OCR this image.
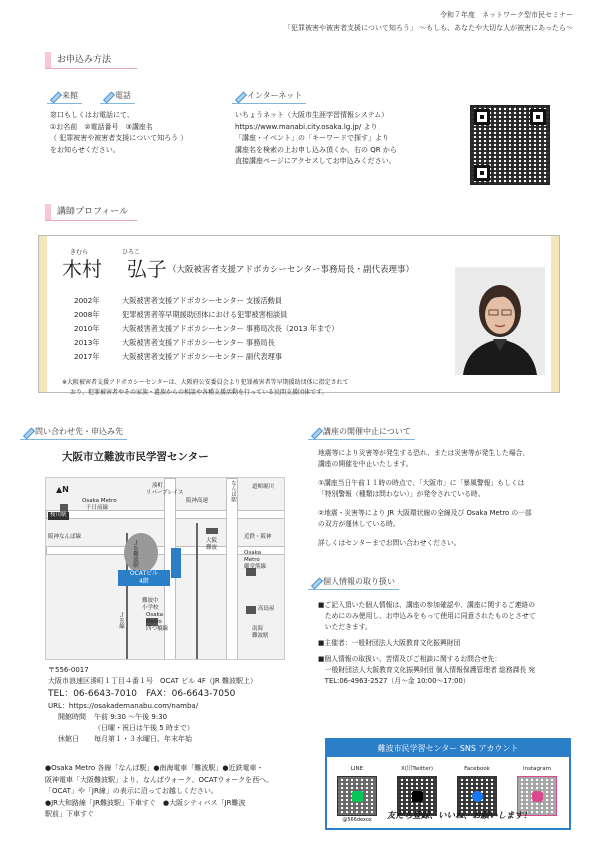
令和７年度　ネットワーク型市民セミナー
「犯罪被害や被害者支援について知ろう」 ～もしも、あなたや大切な人が被害にあったら～
お申込み方法
来館	電話	インターネット
窓口もしくはお電話にて、
①お名前　②電話番号　③講座名
（ 犯罪被害や被害者支援について知ろう ）
をお知らせください。
いちょうネット（大阪市生涯学習情報システム）
https://www.manabi.city.osaka.lg.jp/ より
「講座・イベント」の「キーワードで探す」より
講座名を検索の上お申し込み頂くか、右の QR から
直接講座ページにアクセスしてお申込みください。
講師プロフィール
きむら	ひろこ
木村 弘子 （大阪被害者支援アドボカシーセンター事務局長・副代表理事）
2002年	大阪被害者支援アドボカシーセンター 支援活動員
2008年	犯罪被害者等早期援助団体における犯罪被害相談員
2010年	大阪被害者支援アドボカシーセンター 事務局次長（2013 年まで）
2013年	大阪被害者支援アドボカシーセンター 事務局長
2017年	大阪被害者支援アドボカシーセンター 副代表理事
※大阪被害者支援アドボカシーセンターは、大阪府公安委員会より犯罪被害者等早期援助団体に指定されて
おり、犯罪被害者やその家族・遺族からの相談や各種支援活動を行っている民間支援団体です。
問い合わせ先・申込み先
大阪市立難波市民学習センター
OCATビル
4階
▲N
Osaka Metro
千日前線
桜川駅
阪神なんば線
湊町
リバープレイス
阪神高速
道頓堀川
なんば駅
大阪
難波
近鉄・阪神
Osaka
Metro
御堂筋線
高島屋
難波中
小学校
Osaka
Metro
四つ橋線	南海
難波駅
ＪＲ難波駅
ＪＲ線
〒556-0017
大阪市浪速区湊町１丁目４番１号　OCAT ビル 4F（JR 難波駅上）
TEL：06-6643-7010　FAX：06-6643-7050
URL：https://osakademanabu.com/namba/
開館時間	午前 9:30 ～午後 9:30
（日曜・祝日は午後 5 時まで）
休館日	毎月第１・３水曜日、年末年始
●Osaka Metro 各線「なんば駅」●南海電車「難波駅」●近鉄電車・
阪神電車「大阪難波駅」より、なんばウォーク、OCATウォークを西へ。
「OCAT」や「JR線」の表示に沿ってお越しください。
●JR大和路線「JR難波駅」下車すぐ　●大阪シティバス「JR難波
駅前」下車すぐ
講座の開催中止について
地震等により災害等が発生する恐れ、または災害等が発生した場合、
講座の開催を中止いたします。
①講座当日午前１１時の時点で、「大阪市」に「暴風警報」もしくは
「特別警報（種類は問わない）」が発令されている時。
②地震・災害等により JR 大阪環状線の全線及び Osaka Metro の一部
の双方が運休している時。
詳しくはセンターまでお問い合わせください。
個人情報の取り扱い
■ご記入頂いた個人情報は、講座の参加確認や、講座に関するご連絡の
　ためにのみ使用し、お申込みをもって使用に同意されたものとさせて
　いただきます。
■主催者：一般財団法人大阪教育文化振興財団
■個人情報の取扱い、苦情及びご相談に関するお問合せ先：
　一般財団法人大阪教育文化振興財団 個人情報保護管理者 総務課長 宛
　TEL:06-4963-2527（月～金 10:00～17:00）
難波市民学習センター SNS アカウント
LINE
@566dexox
X(旧Twitter)	Facebook	Instagram
友だち登録、いいね、お願いします！
